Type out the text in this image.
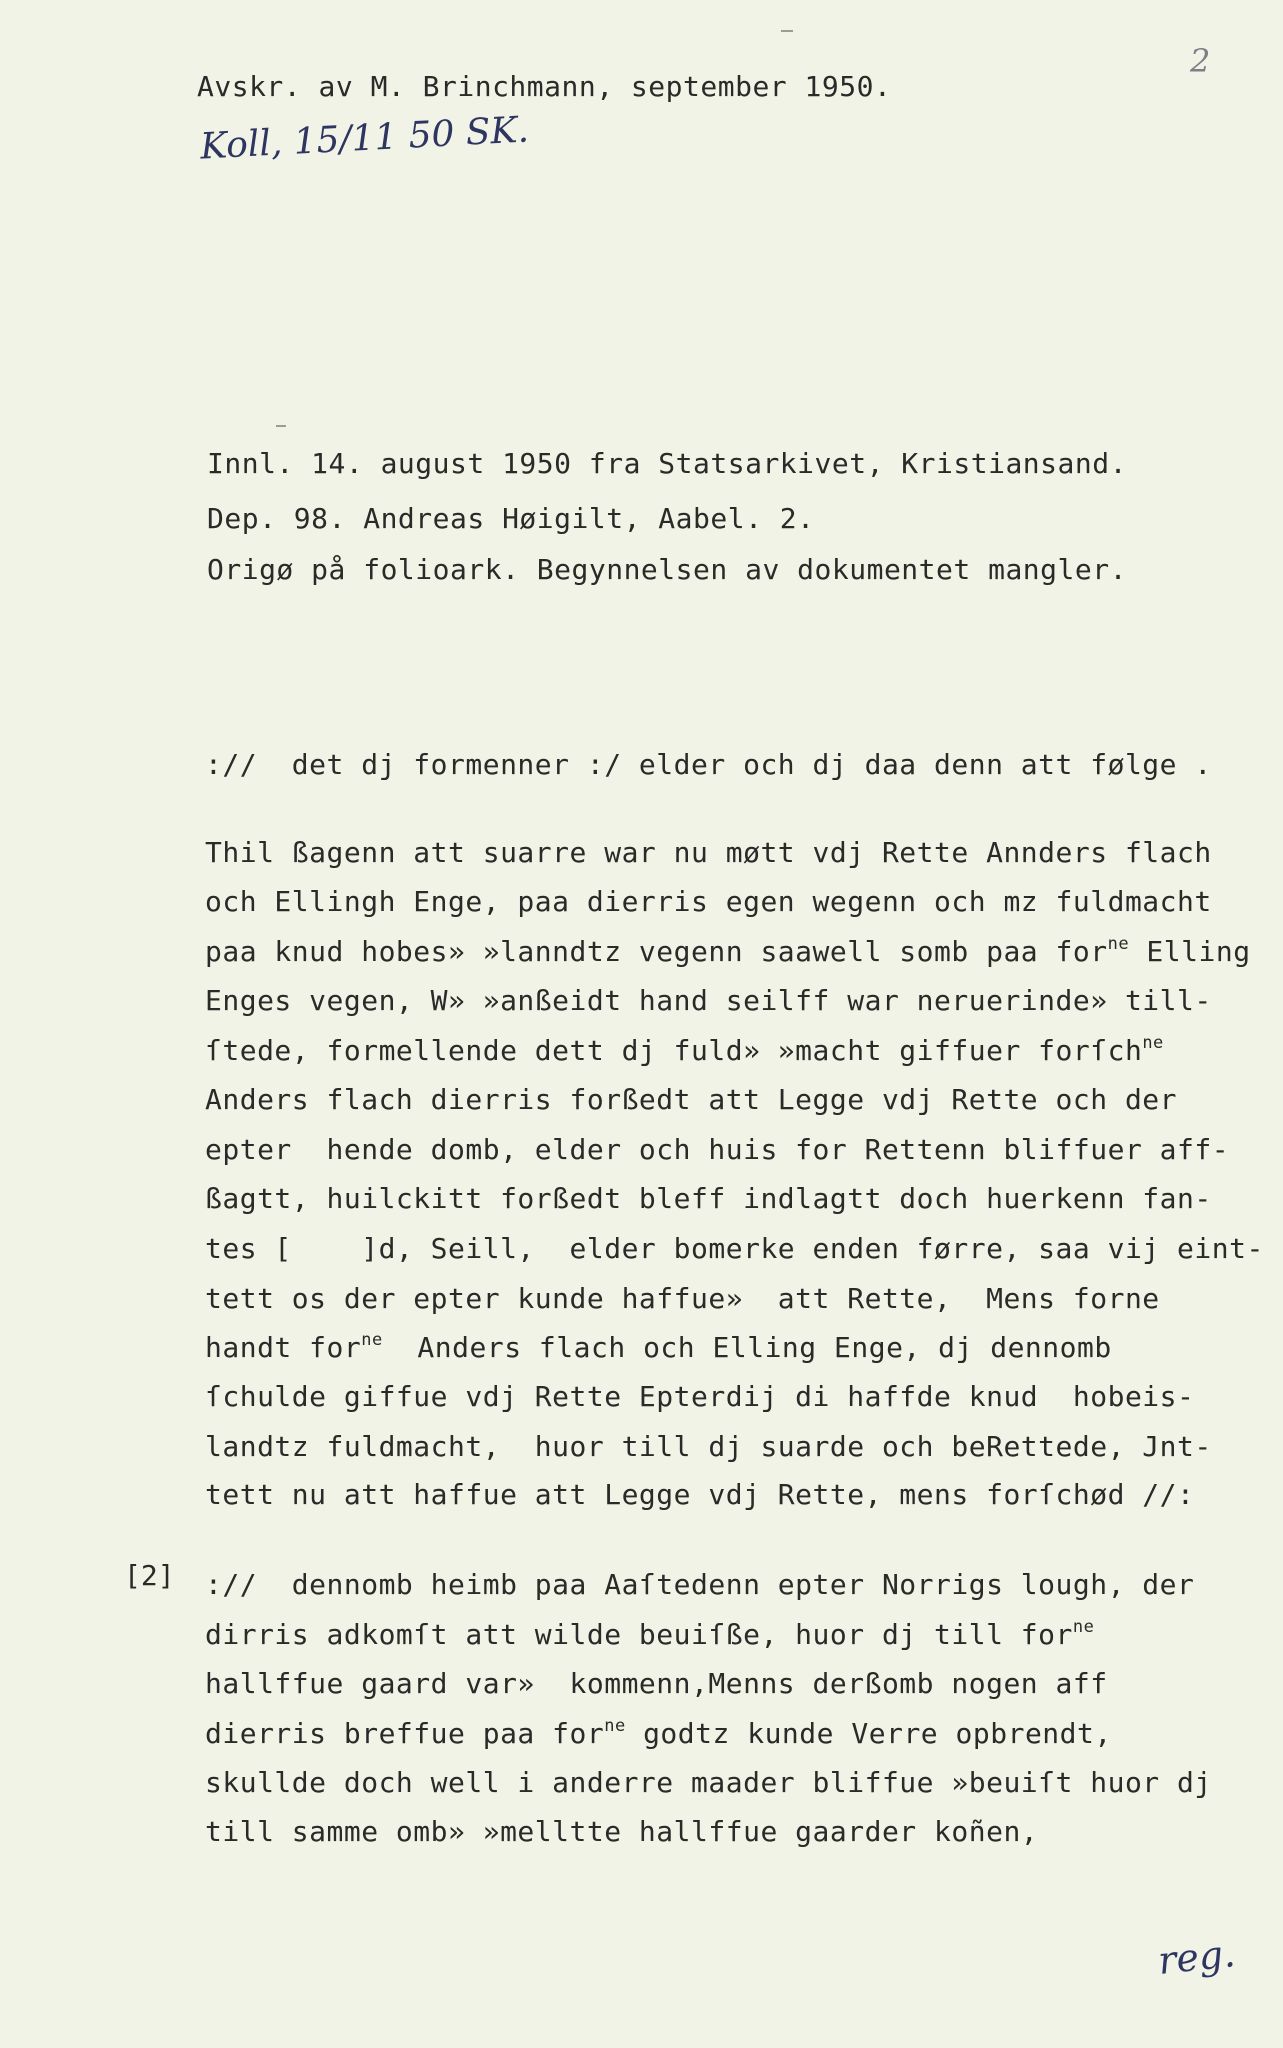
Avskr. av M. Brinchmann, september 1950.
Koll, 15/11 50 SK.
2
Innl. 14. august 1950 fra Statsarkivet, Kristiansand.
Dep. 98. Andreas Høigilt, Aabel. 2.
Origø på folioark. Begynnelsen av dokumentet mangler.
://  det dj formenner :/ elder och dj daa denn att følge .
[2]
Thil ßagenn att suarre war nu møtt vdj Rette Annders flach
och Ellingh Enge, paa dierris egen wegenn och mz fuldmacht
paa knud hobes» »lanndtz vegenn saawell somb paa for$^{ne}$ Elling
Enges vegen, W» »anßeidt hand seilff war neruerinde» till-
ſtede, formellende dett dj fuld» »macht giffuer forſch$^{ne}$
Anders flach dierris forßedt att Legge vdj Rette och der
epter  hende domb, elder och huis for Rettenn bliffuer aff-
ßagtt, huilckitt forßedt bleff indlagtt doch huerkenn fan-
tes [    ]d, Seill,  elder bomerke enden førre, saa vij eint-
tett os der epter kunde haffue»  att Rette,  Mens forne
handt for$^{ne}$  Anders flach och Elling Enge, dj dennomb
ſchulde giffue vdj Rette Epterdij di haffde knud  hobeis-
landtz fuldmacht,  huor till dj suarde och beRettede, Jnt-
tett nu att haffue att Legge vdj Rette, mens forſchød //:
://  dennomb heimb paa Aaſtedenn epter Norrigs lough, der
dirris adkomſt att wilde beuiſße, huor dj till for$^{ne}$
hallffue gaard var»  kommenn,Menns derßomb nogen aff
dierris breffue paa for$^{ne}$ godtz kunde Verre opbrendt,
skullde doch well i anderre maader bliffue »beuiſt huor dj
till samme omb» »melltte hallffue gaarder koñen,
reg.
